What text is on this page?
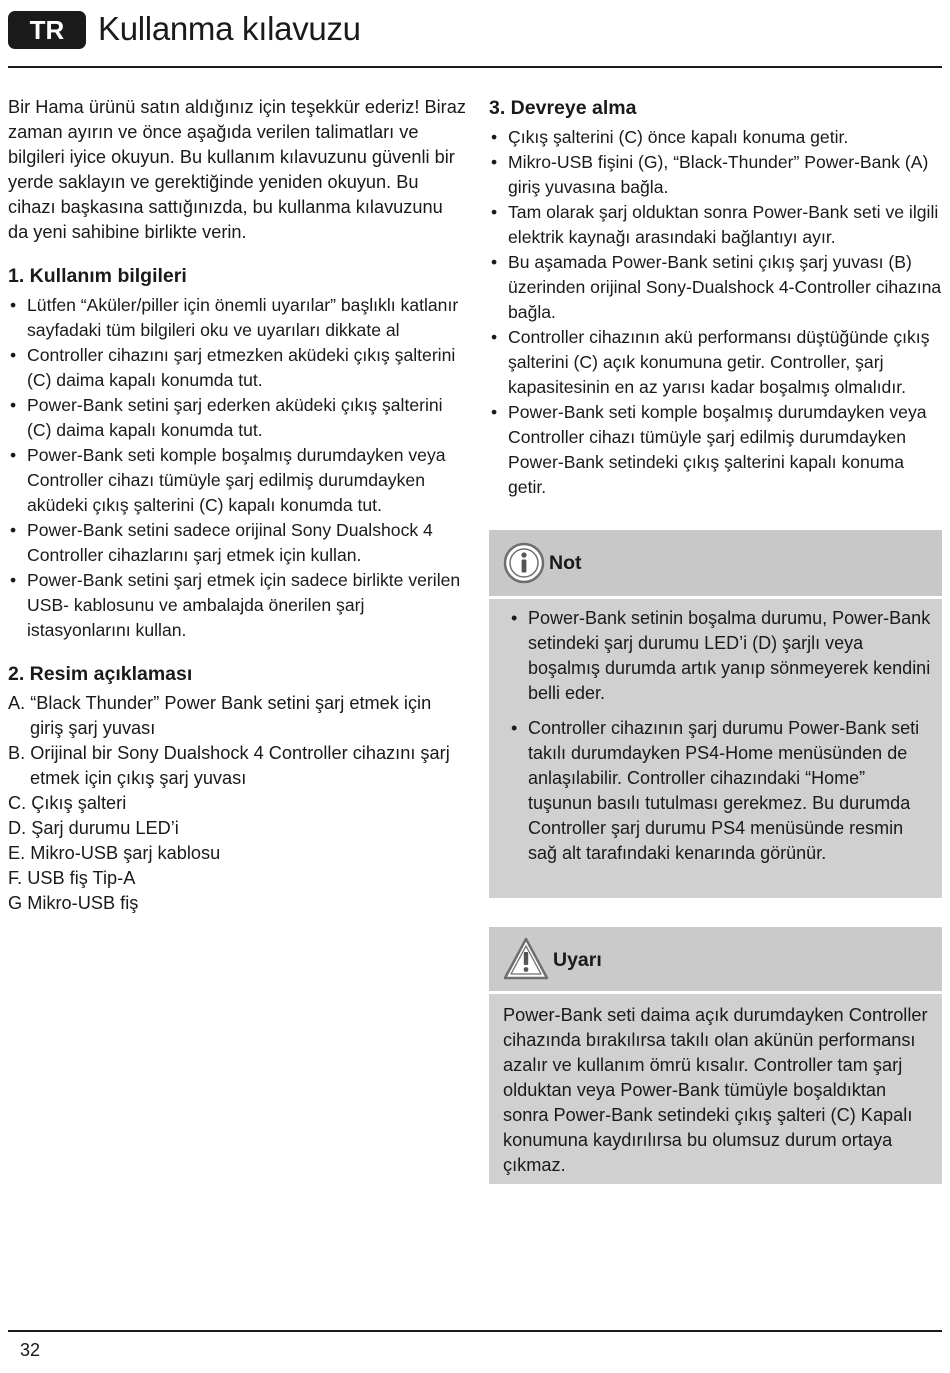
TR	Kullanma kılavuzu

Bir Hama ürünü satın aldığınız için teşekkür ederiz! Biraz zaman ayırın ve önce aşağıda verilen talimatları ve bilgileri iyice okuyun. Bu kullanım kılavuzunu güvenli bir yerde saklayın ve gerektiğinde yeniden okuyun. Bu cihazı başkasına sattığınızda, bu kullanma kılavuzunu da yeni sahibine birlikte verin.

1. Kullanım bilgileri
• Lütfen “Aküler/piller için önemli uyarılar” başlıklı katlanır sayfadaki tüm bilgileri oku ve uyarıları dikkate al
• Controller cihazını şarj etmezken aküdeki çıkış şalterini (C) daima kapalı konumda tut.
• Power-Bank setini şarj ederken aküdeki çıkış şalterini (C) daima kapalı konumda tut.
• Power-Bank seti komple boşalmış durumdayken veya Controller cihazı tümüyle şarj edilmiş durumdayken aküdeki çıkış şalterini (C) kapalı konumda tut.
• Power-Bank setini sadece orijinal Sony Dualshock 4 Controller cihazlarını şarj etmek için kullan.
• Power-Bank setini şarj etmek için sadece birlikte verilen USB- kablosunu ve ambalajda önerilen şarj istasyonlarını kullan.
2. Resim açıklaması
A. “Black Thunder” Power Bank setini şarj etmek için giriş şarj yuvası
B. Orijinal bir Sony Dualshock 4 Controller cihazını şarj etmek için çıkış şarj yuvası
C. Çıkış şalteri
D. Şarj durumu LED’i
E. Mikro-USB şarj kablosu
F. USB fiş Tip-A
G Mikro-USB fiş
3. Devreye alma
• Çıkış şalterini (C) önce kapalı konuma getir.
• Mikro-USB fişini (G), “Black-Thunder” Power-Bank (A) giriş yuvasına bağla.
• Tam olarak şarj olduktan sonra Power-Bank seti ve ilgili elektrik kaynağı arasındaki bağlantıyı ayır.
• Bu aşamada Power-Bank setini çıkış şarj yuvası (B) üzerinden orijinal Sony-Dualshock 4-Controller cihazına bağla.
• Controller cihazının akü performansı düştüğünde çıkış şalterini (C) açık konumuna getir. Controller, şarj kapasitesinin en az yarısı kadar boşalmış olmalıdır.
• Power-Bank seti komple boşalmış durumdayken veya Controller cihazı tümüyle şarj edilmiş durumdayken Power-Bank setindeki çıkış şalterini kapalı konuma getir.
Not
• Power-Bank setinin boşalma durumu, Power-Bank setindeki şarj durumu LED’i (D) şarjlı veya boşalmış durumda artık yanıp sönmeyerek kendini belli eder.
• Controller cihazının şarj durumu Power-Bank seti takılı durumdayken PS4-Home menüsünden de anlaşılabilir. Controller cihazındaki “Home” tuşunun basılı tutulması gerekmez. Bu durumda Controller şarj durumu PS4 menüsünde resmin sağ alt tarafındaki kenarında görünür.
Uyarı

Power-Bank seti daima açık durumdayken Controller cihazında bırakılırsa takılı olan akünün performansı azalır ve kullanım ömrü kısalır. Controller tam şarj olduktan veya Power-Bank tümüyle boşaldıktan sonra Power-Bank setindeki çıkış şalteri (C) Kapalı konumuna kaydırılırsa bu olumsuz durum ortaya çıkmaz.

32
